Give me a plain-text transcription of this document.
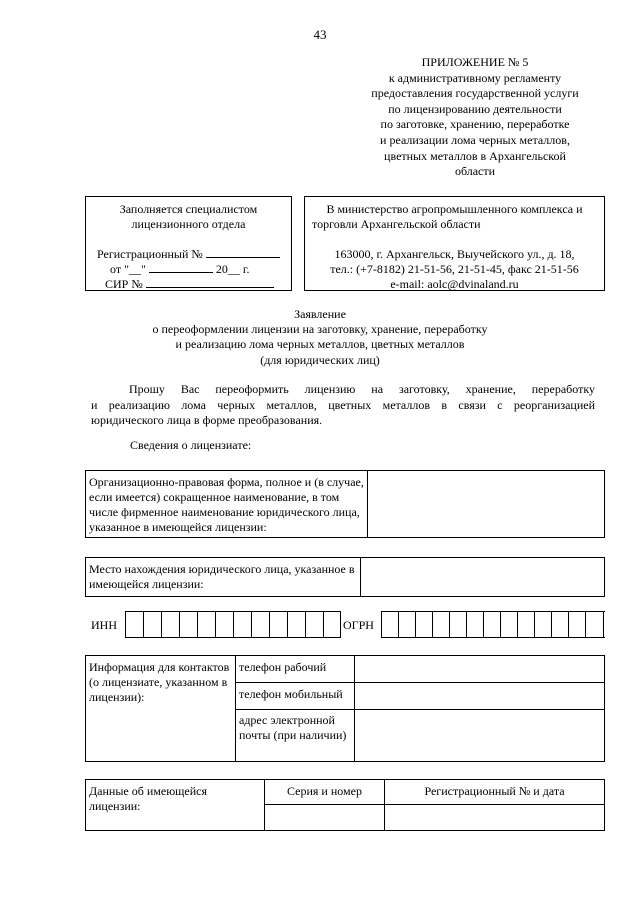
43
ПРИЛОЖЕНИЕ № 5
к административному регламенту
предоставления государственной услуги
по лицензированию деятельности
по заготовке, хранению, переработке
и реализации лома черных металлов,
цветных металлов в Архангельской
области
Заполняется специалистом
лицензионного отдела
Регистрационный №
от "__"	20__ г.
СИР №
В министерство агропромышленного комплекса и
торговли Архангельской области
163000, г. Архангельск, Выучейского ул., д. 18,
тел.: (+7-8182) 21-51-56, 21-51-45, факс 21-51-56
e-mail: aolc@dvinaland.ru
Заявление
о переоформлении лицензии на заготовку, хранение, переработку
и реализацию лома черных металлов, цветных металлов
(для юридических лиц)
Прошу Вас переоформить лицензию на заготовку, хранение, переработку
и реализацию лома черных металлов, цветных металлов в связи с реорганизацией
юридического лица в форме преобразования.
Сведения о лицензиате:
Организационно-правовая форма, полное и (в случае, если имеется) сокращенное наименование, в том числе фирменное наименование юридического лица, указанное в имеющейся лицензии:	
Место нахождения юридического лица, указанное в имеющейся лицензии:	
ИНН	ОГРН
Информация для контактов (о лицензиате, указанном в лицензии):	телефон рабочий	
	телефон мобильный	
	адрес электронной почты (при наличии)	
Данные об имеющейся лицензии:	Серия и номер	Регистрационный № и дата
